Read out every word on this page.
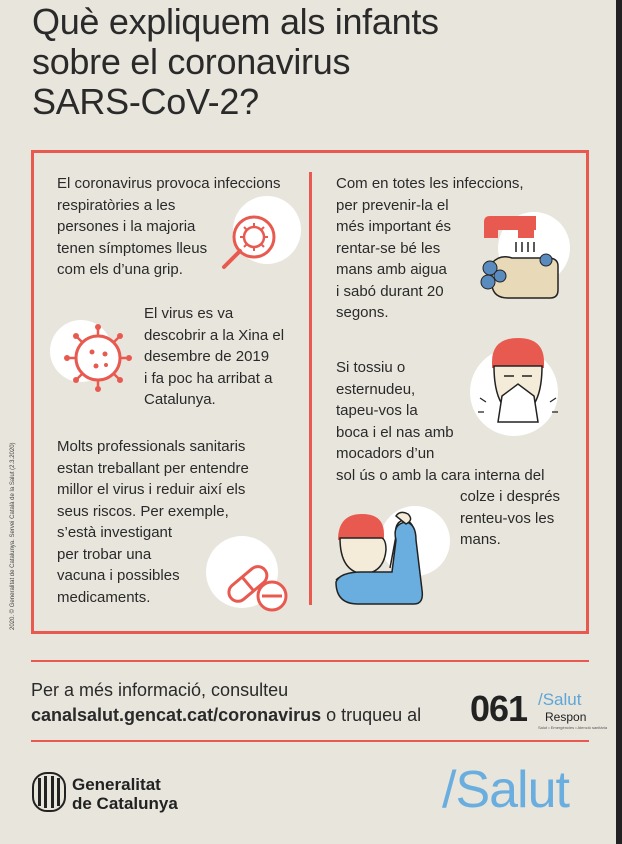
Què expliquem als infants
sobre el coronavirus
SARS-CoV-2?
El coronavirus provoca infeccions
respiratòries a les
persones i la majoria
tenen símptomes lleus
com els d’una grip.
El virus es va
descobrir a la Xina el
desembre de 2019
i fa poc ha arribat a
Catalunya.
Molts professionals sanitaris
estan treballant per entendre
millor el virus i reduir així els
seus riscos. Per exemple,
s’està investigant
per trobar una
vacuna i possibles
medicaments.
Com en totes les infeccions,
per prevenir-la el
més important és
rentar-se bé les
mans amb aigua
i sabó durant 20
segons.
Si tossiu o
esternudeu,
tapeu-vos la
boca i el nas amb
mocadors d’un
sol ús o amb la cara interna del
colze i després
renteu-vos les
mans.
2020. © Generalitat de Catalunya. Servei Català de la Salut (2.3.2020)
Per a més informació, consulteu
canalsalut.gencat.cat/coronavirus o truqueu al 061 /Salut
Respon
Salut • Emergències • Atenció sanitària
Generalitat
de Catalunya	/Salut
